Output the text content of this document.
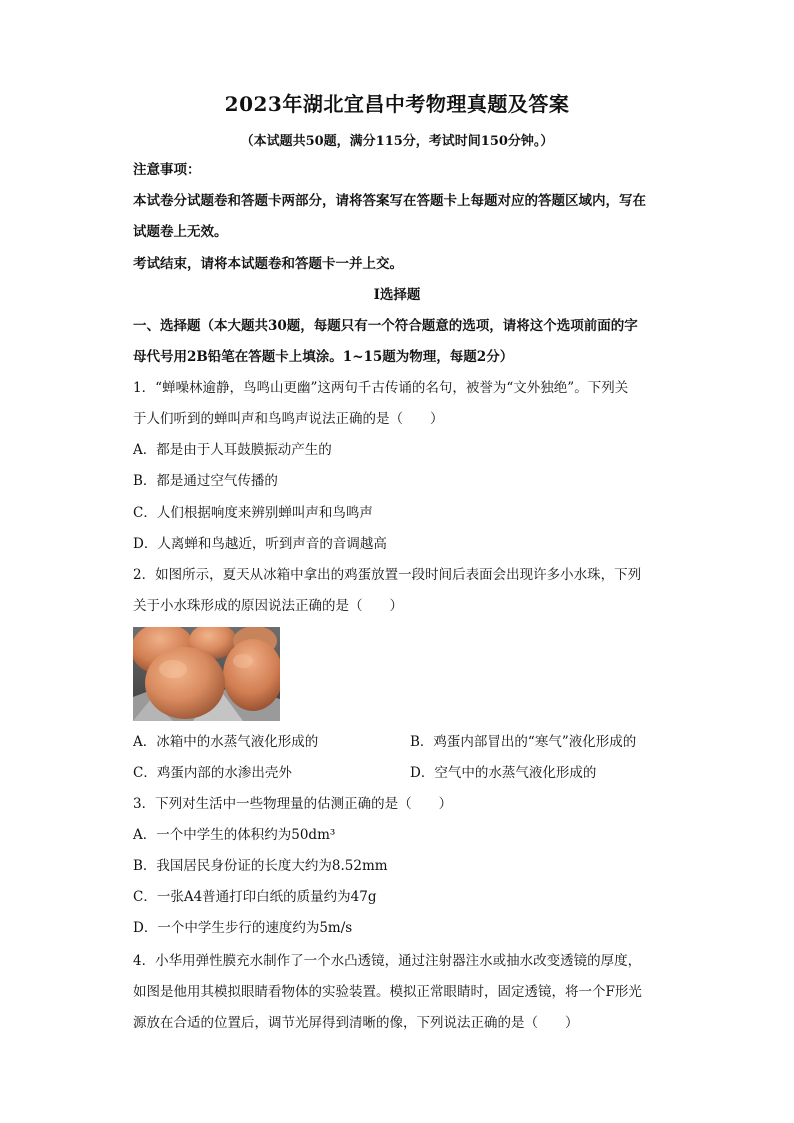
2023年湖北宜昌中考物理真题及答案
（本试题共50题，满分115分，考试时间150分钟。）
注意事项：
本试卷分试题卷和答题卡两部分，请将答案写在答题卡上每题对应的答题区域内，写在
试题卷上无效。
考试结束，请将本试题卷和答题卡一并上交。
Ⅰ选择题
一、选择题（本大题共30题，每题只有一个符合题意的选项，请将这个选项前面的字
母代号用2B铅笔在答题卡上填涂。1~15题为物理，每题2分）
1．“蝉噪林逾静，鸟鸣山更幽”这两句千古传诵的名句，被誉为“文外独绝”。下列关
于人们听到的蝉叫声和鸟鸣声说法正确的是（　　）
A．都是由于人耳鼓膜振动产生的
B．都是通过空气传播的
C．人们根据响度来辨别蝉叫声和鸟鸣声
D．人离蝉和鸟越近，听到声音的音调越高
2．如图所示，夏天从冰箱中拿出的鸡蛋放置一段时间后表面会出现许多小水珠，下列
关于小水珠形成的原因说法正确的是（　　）
A．冰箱中的水蒸气液化形成的	B．鸡蛋内部冒出的“寒气”液化形成的
C．鸡蛋内部的水渗出壳外	D．空气中的水蒸气液化形成的
3．下列对生活中一些物理量的估测正确的是（　　）
A．一个中学生的体积约为50dm³
B．我国居民身份证的长度大约为8.52mm
C．一张A4普通打印白纸的质量约为47g
D．一个中学生步行的速度约为5m/s
4．小华用弹性膜充水制作了一个水凸透镜，通过注射器注水或抽水改变透镜的厚度，
如图是他用其模拟眼睛看物体的实验装置。模拟正常眼睛时，固定透镜，将一个F形光
源放在合适的位置后，调节光屏得到清晰的像，下列说法正确的是（　　）
